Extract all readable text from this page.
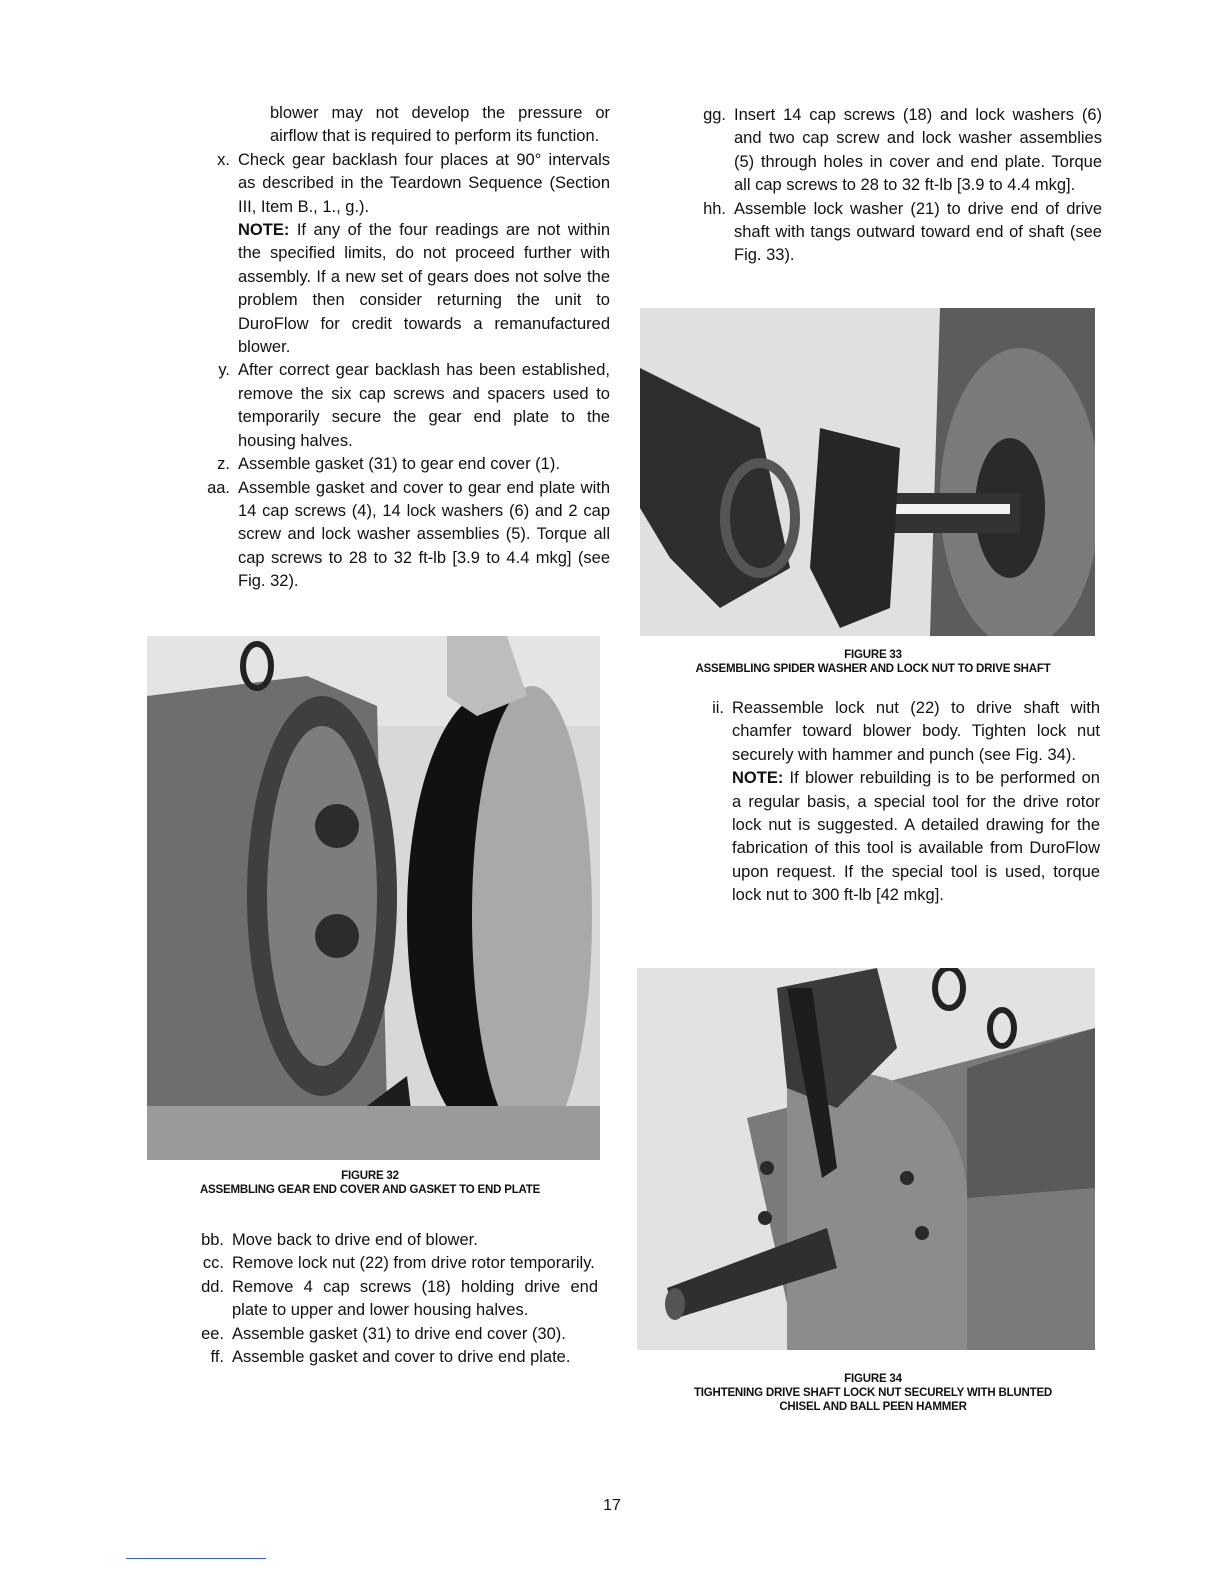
blower may not develop the pressure or airflow that is required to perform its function.
x. Check gear backlash four places at 90° intervals as described in the Teardown Sequence (Section III, Item B., 1., g.).
NOTE: If any of the four readings are not within the specified limits, do not proceed further with assembly. If a new set of gears does not solve the problem then consider returning the unit to DuroFlow for credit towards a remanufactured blower.
y. After correct gear backlash has been established, remove the six cap screws and spacers used to temporarily secure the gear end plate to the housing halves.
z. Assemble gasket (31) to gear end cover (1).
aa. Assemble gasket and cover to gear end plate with 14 cap screws (4), 14 lock washers (6) and 2 cap screw and lock washer assemblies (5). Torque all cap screws to 28 to 32 ft-lb [3.9 to 4.4 mkg] (see Fig. 32).
FIGURE 32
ASSEMBLING GEAR END COVER AND GASKET TO END PLATE
bb. Move back to drive end of blower.
cc. Remove lock nut (22) from drive rotor temporarily.
dd. Remove 4 cap screws (18) holding drive end plate to upper and lower housing halves.
ee. Assemble gasket (31) to drive end cover (30).
ff. Assemble gasket and cover to drive end plate.
gg. Insert 14 cap screws (18) and lock washers (6) and two cap screw and lock washer assemblies (5) through holes in cover and end plate. Torque all cap screws to 28 to 32 ft-lb [3.9 to 4.4 mkg].
hh. Assemble lock washer (21) to drive end of drive shaft with tangs outward toward end of shaft (see Fig. 33).
FIGURE 33
ASSEMBLING SPIDER WASHER AND LOCK NUT TO DRIVE SHAFT
ii. Reassemble lock nut (22) to drive shaft with chamfer toward blower body. Tighten lock nut securely with hammer and punch (see Fig. 34).
NOTE: If blower rebuilding is to be performed on a regular basis, a special tool for the drive rotor lock nut is suggested. A detailed drawing for the fabrication of this tool is available from DuroFlow upon request. If the special tool is used, torque lock nut to 300 ft-lb [42 mkg].
FIGURE 34
TIGHTENING DRIVE SHAFT LOCK NUT SECURELY WITH BLUNTED
CHISEL AND BALL PEEN HAMMER
17
